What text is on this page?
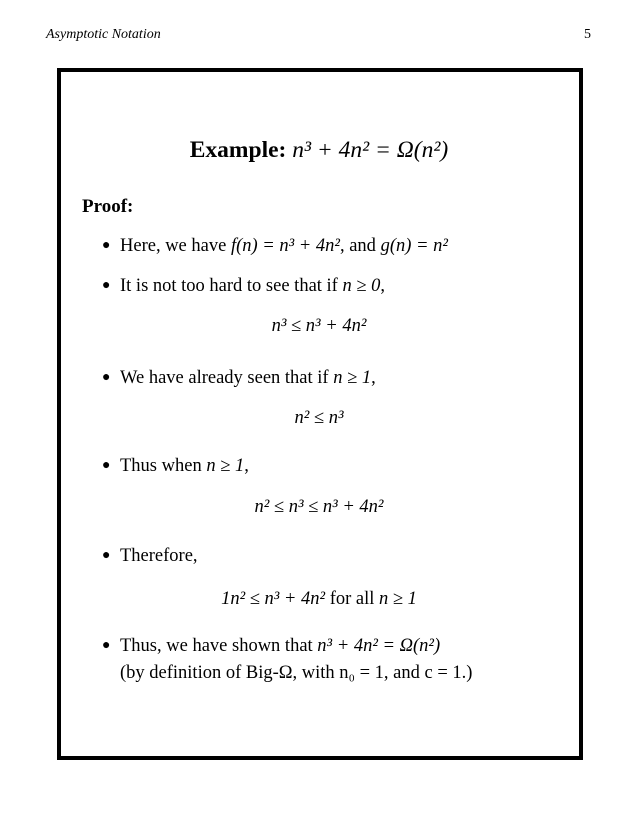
Asymptotic Notation	5
Example: n³ + 4n² = Ω(n²)
Proof:
● Here, we have f(n) = n³ + 4n², and g(n) = n²
● It is not too hard to see that if n ≥ 0,
n³ ≤ n³ + 4n²
● We have already seen that if n ≥ 1,
n² ≤ n³
● Thus when n ≥ 1,
n² ≤ n³ ≤ n³ + 4n²
● Therefore,
1n² ≤ n³ + 4n² for all n ≥ 1
● Thus, we have shown that n³ + 4n² = Ω(n²)
(by definition of Big-Ω, with n₀ = 1, and c = 1.)
